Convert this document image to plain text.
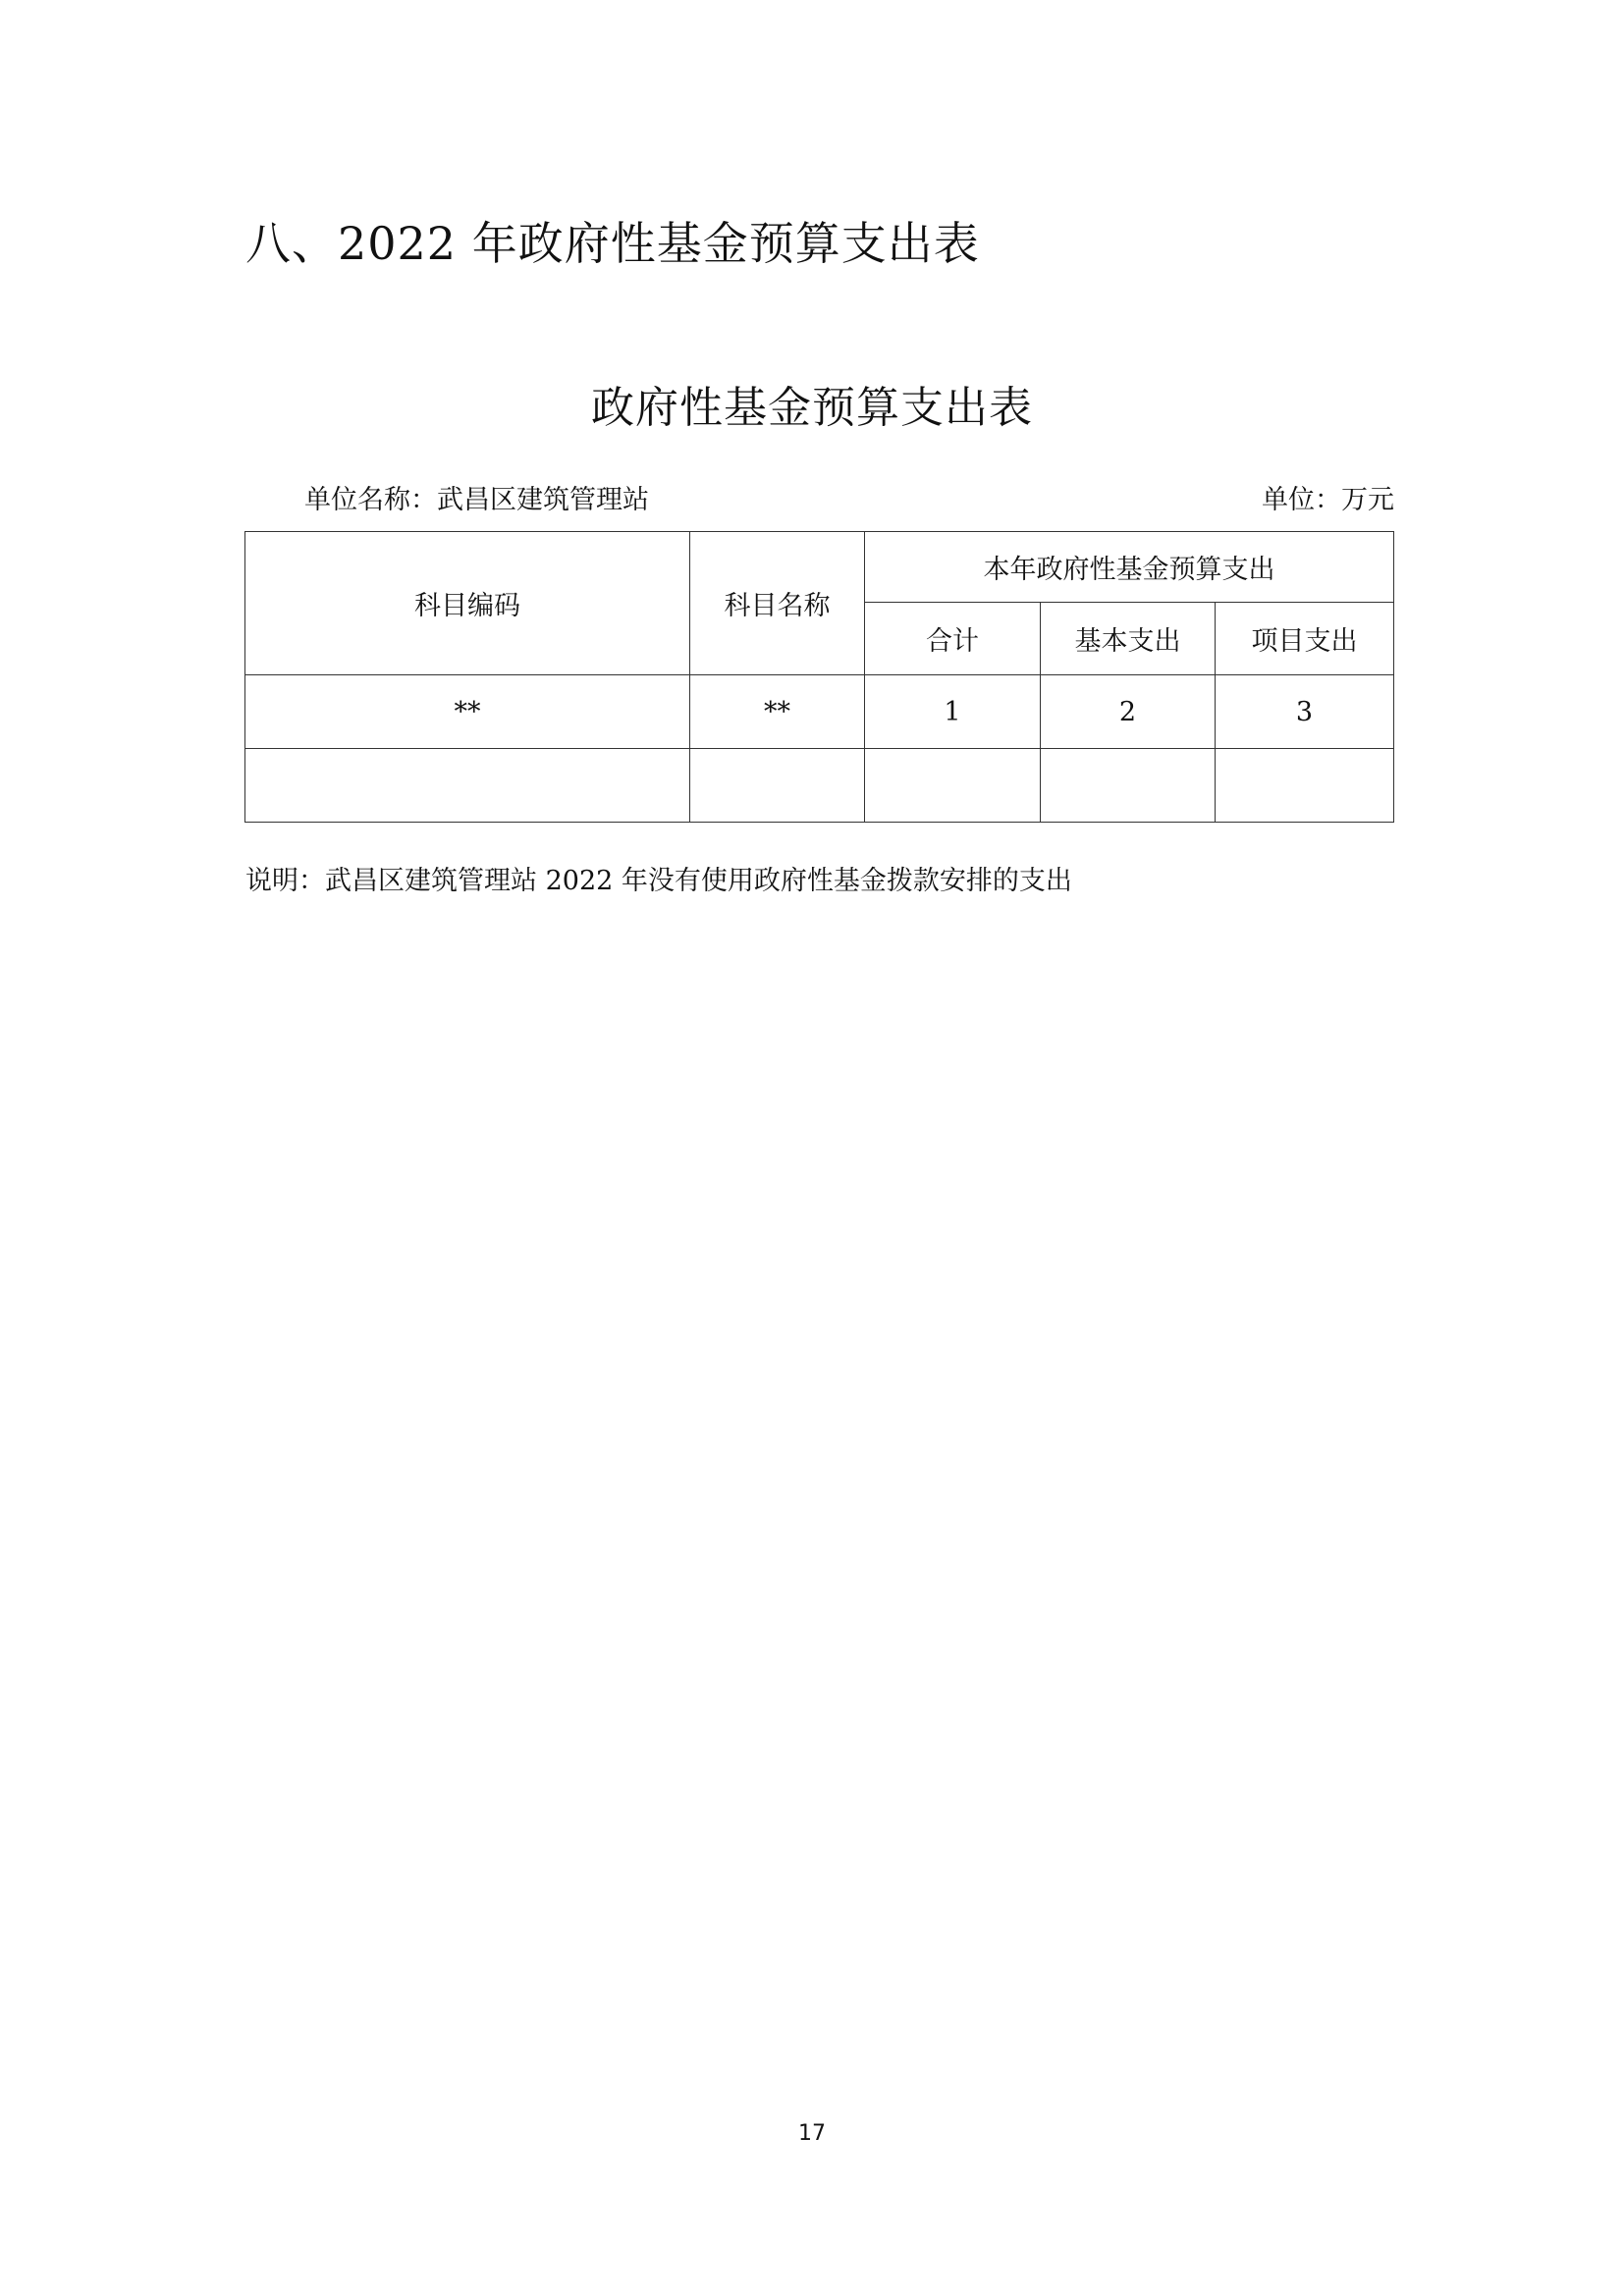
八、2022 年政府性基金预算支出表
政府性基金预算支出表
单位名称：武昌区建筑管理站	单位：万元
科目编码	科目名称	本年政府性基金预算支出		
		合计	基本支出	项目支出
**	**	1	2	3

说明：武昌区建筑管理站 2022 年没有使用政府性基金拨款安排的支出
17
